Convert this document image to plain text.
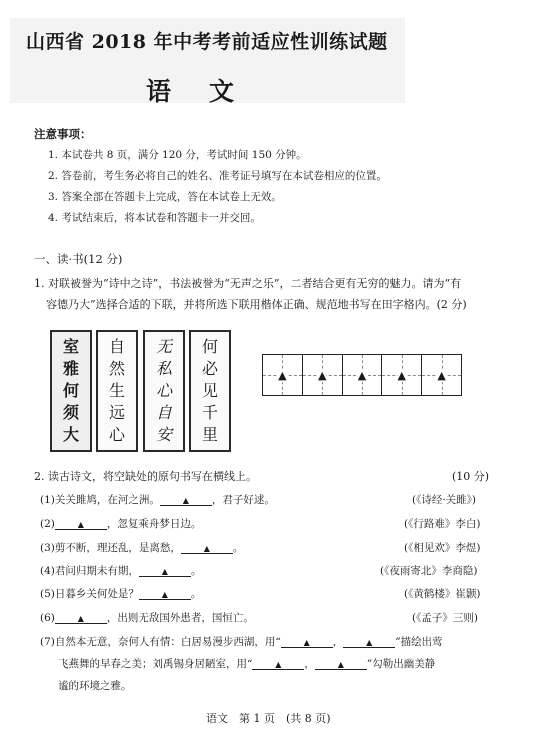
山西省 2018 年中考考前适应性训练试题
语文
注意事项：
1. 本试卷共 8 页，满分 120 分，考试时间 150 分钟。
2. 答卷前，考生务必将自己的姓名、准考证号填写在本试卷相应的位置。
3. 答案全部在答题卡上完成，答在本试卷上无效。
4. 考试结束后，将本试卷和答题卡一并交回。
一、读·书(12 分)
1. 对联被誉为“诗中之诗”，书法被誉为“无声之乐”，二者结合更有无穷的魅力。请为“有
容德乃大”选择合适的下联，并将所选下联用楷体正确、规范地书写在田字格内。(2 分)
室
雅
何
须
大
自
然
生
远
心
无
私
心
自
安
何
必
见
千
里
▲	▲	▲	▲	▲
2. 读古诗文，将空缺处的原句书写在横线上。	(10 分)
(1)关关雎鸠，在河之洲。	▲ ，君子好逑。	(《诗经·关雎》)
(2)	▲ ，忽复乘舟梦日边。	(《行路难》李白)
(3)剪不断，理还乱，是离愁，	▲ 。	(《相见欢》李煜)
(4)君问归期未有期，	▲ 。	(《夜雨寄北》李商隐)
(5)日暮乡关何处是？	▲ 。	(《黄鹤楼》崔颢)
(6)	▲ ，出则无敌国外患者，国恒亡。	(《孟子》三则)
(7)自然本无意，奈何人有情：白居易漫步西湖，用“	▲ ，	▲ ”描绘出莺
飞燕舞的早春之美；刘禹锡身居陋室，用“	▲ ，	▲ ”勾勒出幽美静
谧的环境之雅。
语文　第 1 页　(共 8 页)
